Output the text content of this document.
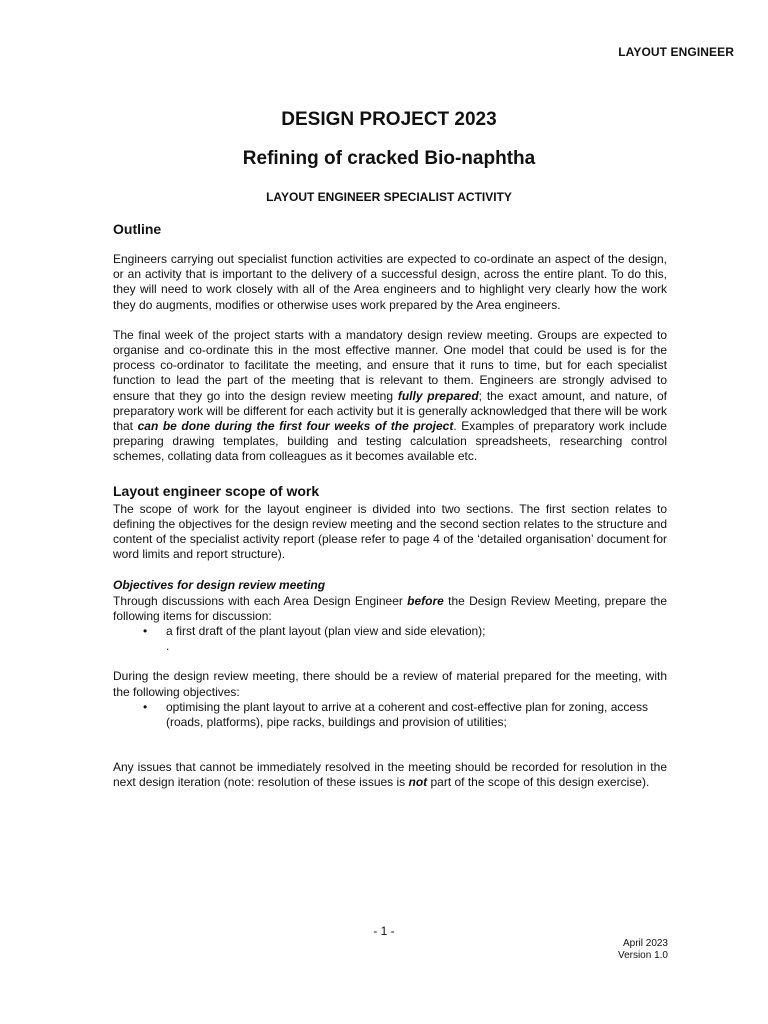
LAYOUT ENGINEER
DESIGN PROJECT 2023
Refining of cracked Bio-naphtha
LAYOUT ENGINEER SPECIALIST ACTIVITY
Outline

Engineers carrying out specialist function activities are expected to co-ordinate an aspect of the design, or an activity that is important to the delivery of a successful design, across the entire plant. To do this, they will need to work closely with all of the Area engineers and to highlight very clearly how the work they do augments, modifies or otherwise uses work prepared by the Area engineers.

The final week of the project starts with a mandatory design review meeting. Groups are expected to organise and co-ordinate this in the most effective manner. One model that could be used is for the process co-ordinator to facilitate the meeting, and ensure that it runs to time, but for each specialist function to lead the part of the meeting that is relevant to them. Engineers are strongly advised to ensure that they go into the design review meeting fully prepared; the exact amount, and nature, of preparatory work will be different for each activity but it is generally acknowledged that there will be work that can be done during the first four weeks of the project. Examples of preparatory work include preparing drawing templates, building and testing calculation spreadsheets, researching control schemes, collating data from colleagues as it becomes available etc.

Layout engineer scope of work

The scope of work for the layout engineer is divided into two sections. The first section relates to defining the objectives for the design review meeting and the second section relates to the structure and content of the specialist activity report (please refer to page 4 of the ‘detailed organisation’ document for word limits and report structure).

Objectives for design review meeting

Through discussions with each Area Design Engineer before the Design Review Meeting, prepare the following items for discussion:

• a first draft of the plant layout (plan view and side elevation);

.

During the design review meeting, there should be a review of material prepared for the meeting, with the following objectives:

• optimising the plant layout to arrive at a coherent and cost-effective plan for zoning, access (roads, platforms), pipe racks, buildings and provision of utilities;

Any issues that cannot be immediately resolved in the meeting should be recorded for resolution in the next design iteration (note: resolution of these issues is not part of the scope of this design exercise).

- 1 -
April 2023
Version 1.0
